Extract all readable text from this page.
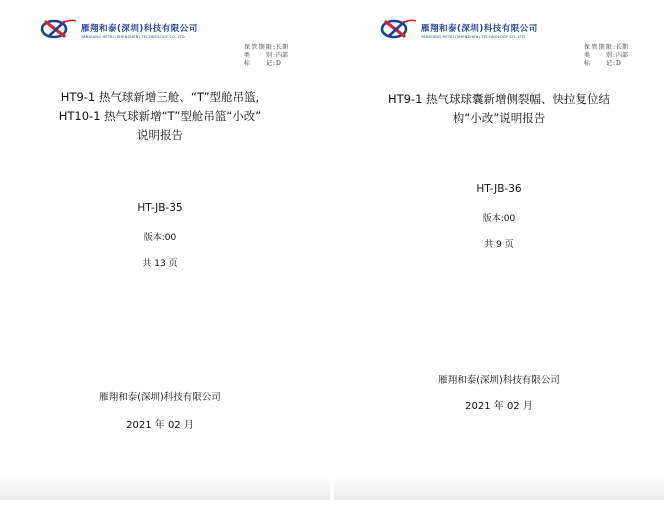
雁翔和泰(深圳)科技有限公司
YANXIANG HETAI (SHENZHEN) TECHNOLOGY CO.,LTD
保管期限 : 长期
类　别 : 内部
标　记 : D
HT9-1 热气球新增三舱、“T”型舱吊篮,
HT10-1 热气球新增“T”型舱吊篮“小改”
说明报告
HT-JB-35
版本:00
共 13 页
雁翔和泰(深圳)科技有限公司
2021 年 02 月
雁翔和泰(深圳)科技有限公司
YANXIANG HETAI (SHENZHEN) TECHNOLOGY CO.,LTD
保管期限 : 长期
类　别 : 内部
标　记 : D
HT9-1 热气球球囊新增侧裂幅、快拉复位结
构“小改”说明报告
HT-JB-36
版本:00
共 9 页
雁翔和泰(深圳)科技有限公司
2021 年 02 月
